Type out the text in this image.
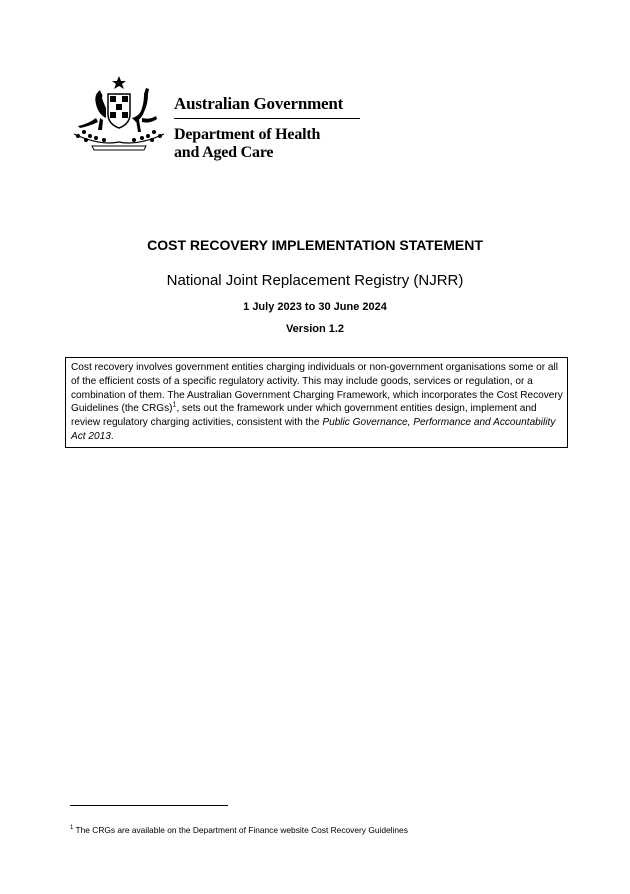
Australian Government
Department of Health
and Aged Care
COST RECOVERY IMPLEMENTATION STATEMENT
National Joint Replacement Registry (NJRR)
1 July 2023 to 30 June 2024
Version 1.2
Cost recovery involves government entities charging individuals or non-government organisations some or all of the efficient costs of a specific regulatory activity. This may include goods, services or regulation, or a combination of them. The Australian Government Charging Framework, which incorporates the Cost Recovery Guidelines (the CRGs)$^1$, sets out the framework under which government entities design, implement and review regulatory charging activities, consistent with the Public Governance, Performance and Accountability Act 2013.
$^1$ The CRGs are available on the Department of Finance website Cost Recovery Guidelines
